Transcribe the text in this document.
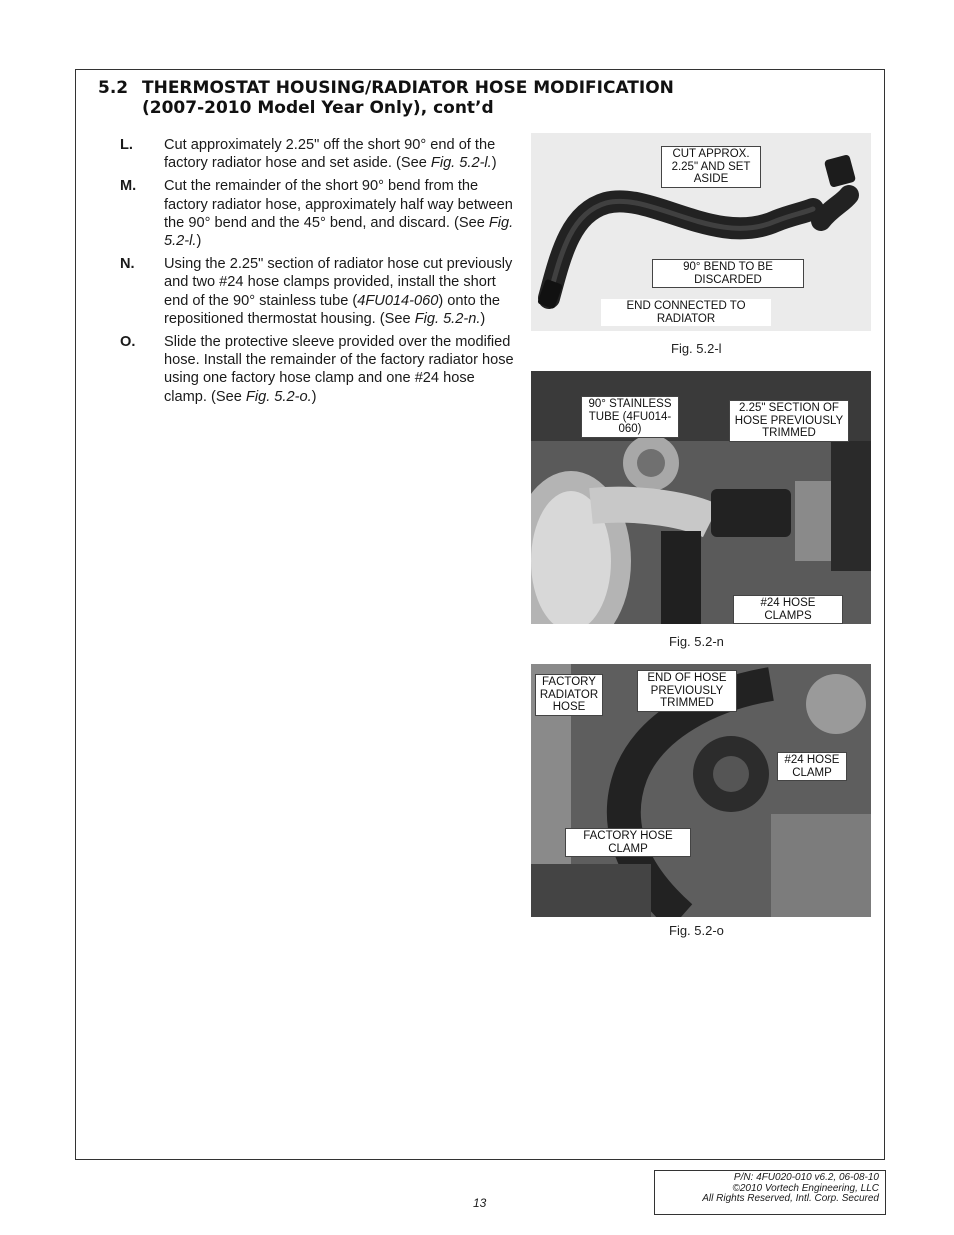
5.2 THERMOSTAT HOUSING/RADIATOR HOSE MODIFICATION
(2007-2010 Model Year Only), cont’d
L. Cut approximately 2.25" off the short 90° end of the factory radiator hose and set aside. (See Fig. 5.2-l.)
M. Cut the remainder of the short 90° bend from the factory radiator hose, approximately half way between the 90° bend and the 45° bend, and discard. (See Fig. 5.2-l.)
N. Using the 2.25" section of radiator hose cut previously and two #24 hose clamps provided, install the short end of the 90° stainless tube (4FU014-060) onto the repositioned thermostat housing. (See Fig. 5.2-n.)
O. Slide the protective sleeve provided over the modified hose. Install the remainder of the factory radiator hose using one factory hose clamp and one #24 hose clamp. (See Fig. 5.2-o.)
CUT APPROX. 2.25" AND SET ASIDE
90° BEND TO BE DISCARDED
END CONNECTED TO RADIATOR
Fig. 5.2-l
90° STAINLESS TUBE (4FU014-060)
2.25" SECTION OF HOSE PREVIOUSLY TRIMMED
#24 HOSE CLAMPS
Fig. 5.2-n
FACTORY RADIATOR HOSE
END OF HOSE PREVIOUSLY TRIMMED
#24 HOSE CLAMP
FACTORY HOSE CLAMP
Fig. 5.2-o
13
P/N: 4FU020-010 v6.2, 06-08-10
©2010 Vortech Engineering, LLC
All Rights Reserved, Intl. Corp. Secured
